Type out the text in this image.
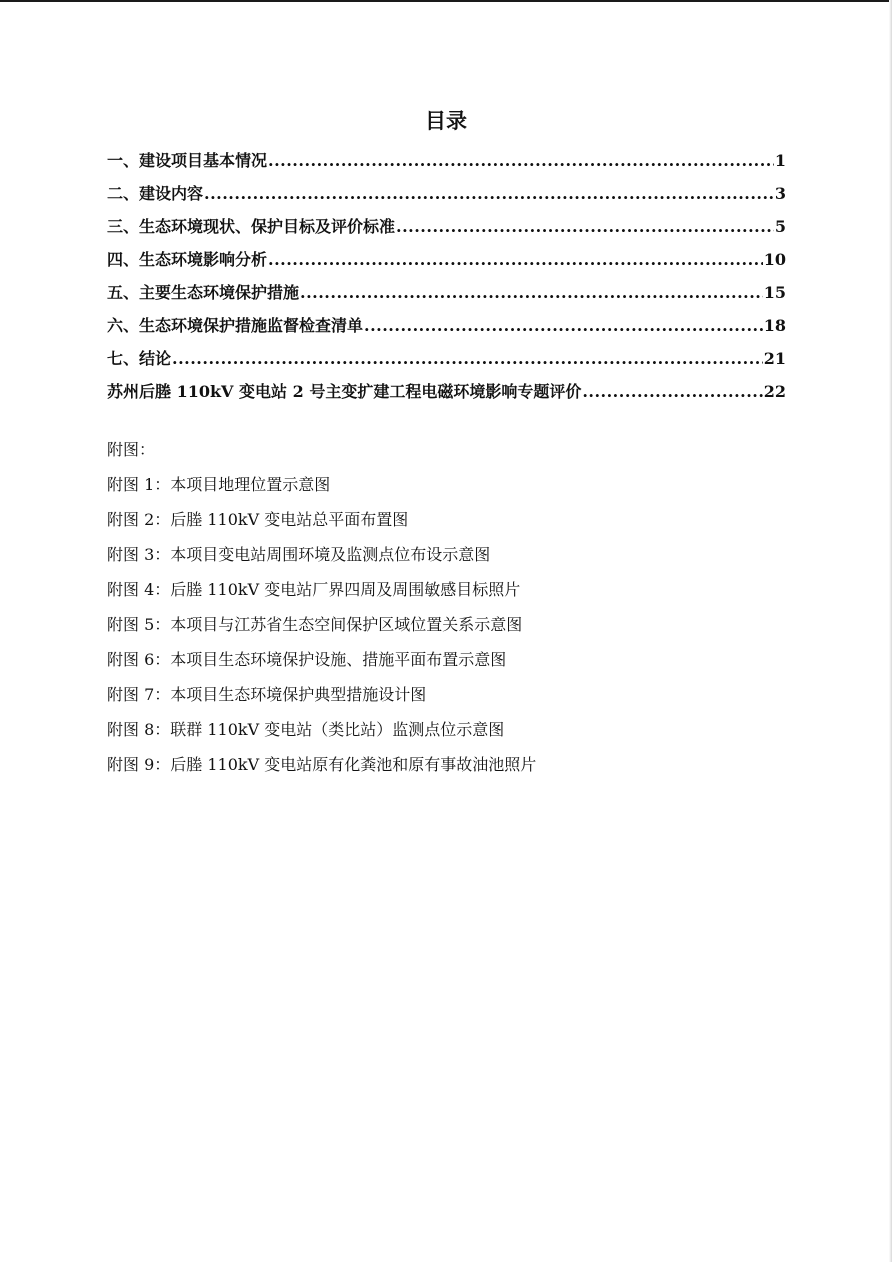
目录
一、建设项目基本情况 .....	1
二、建设内容 .....	3
三、生态环境现状、保护目标及评价标准 .....	5
四、生态环境影响分析 .....	10
五、主要生态环境保护措施 .....	15
六、生态环境保护措施监督检查清单 .....	18
七、结论 .....	21
苏州后塍 110kV 变电站 2 号主变扩建工程电磁环境影响专题评价 .....	22
附图：
附图 1：本项目地理位置示意图
附图 2：后塍 110kV 变电站总平面布置图
附图 3：本项目变电站周围环境及监测点位布设示意图
附图 4：后塍 110kV 变电站厂界四周及周围敏感目标照片
附图 5：本项目与江苏省生态空间保护区域位置关系示意图
附图 6：本项目生态环境保护设施、措施平面布置示意图
附图 7：本项目生态环境保护典型措施设计图
附图 8：联群 110kV 变电站（类比站）监测点位示意图
附图 9：后塍 110kV 变电站原有化粪池和原有事故油池照片
